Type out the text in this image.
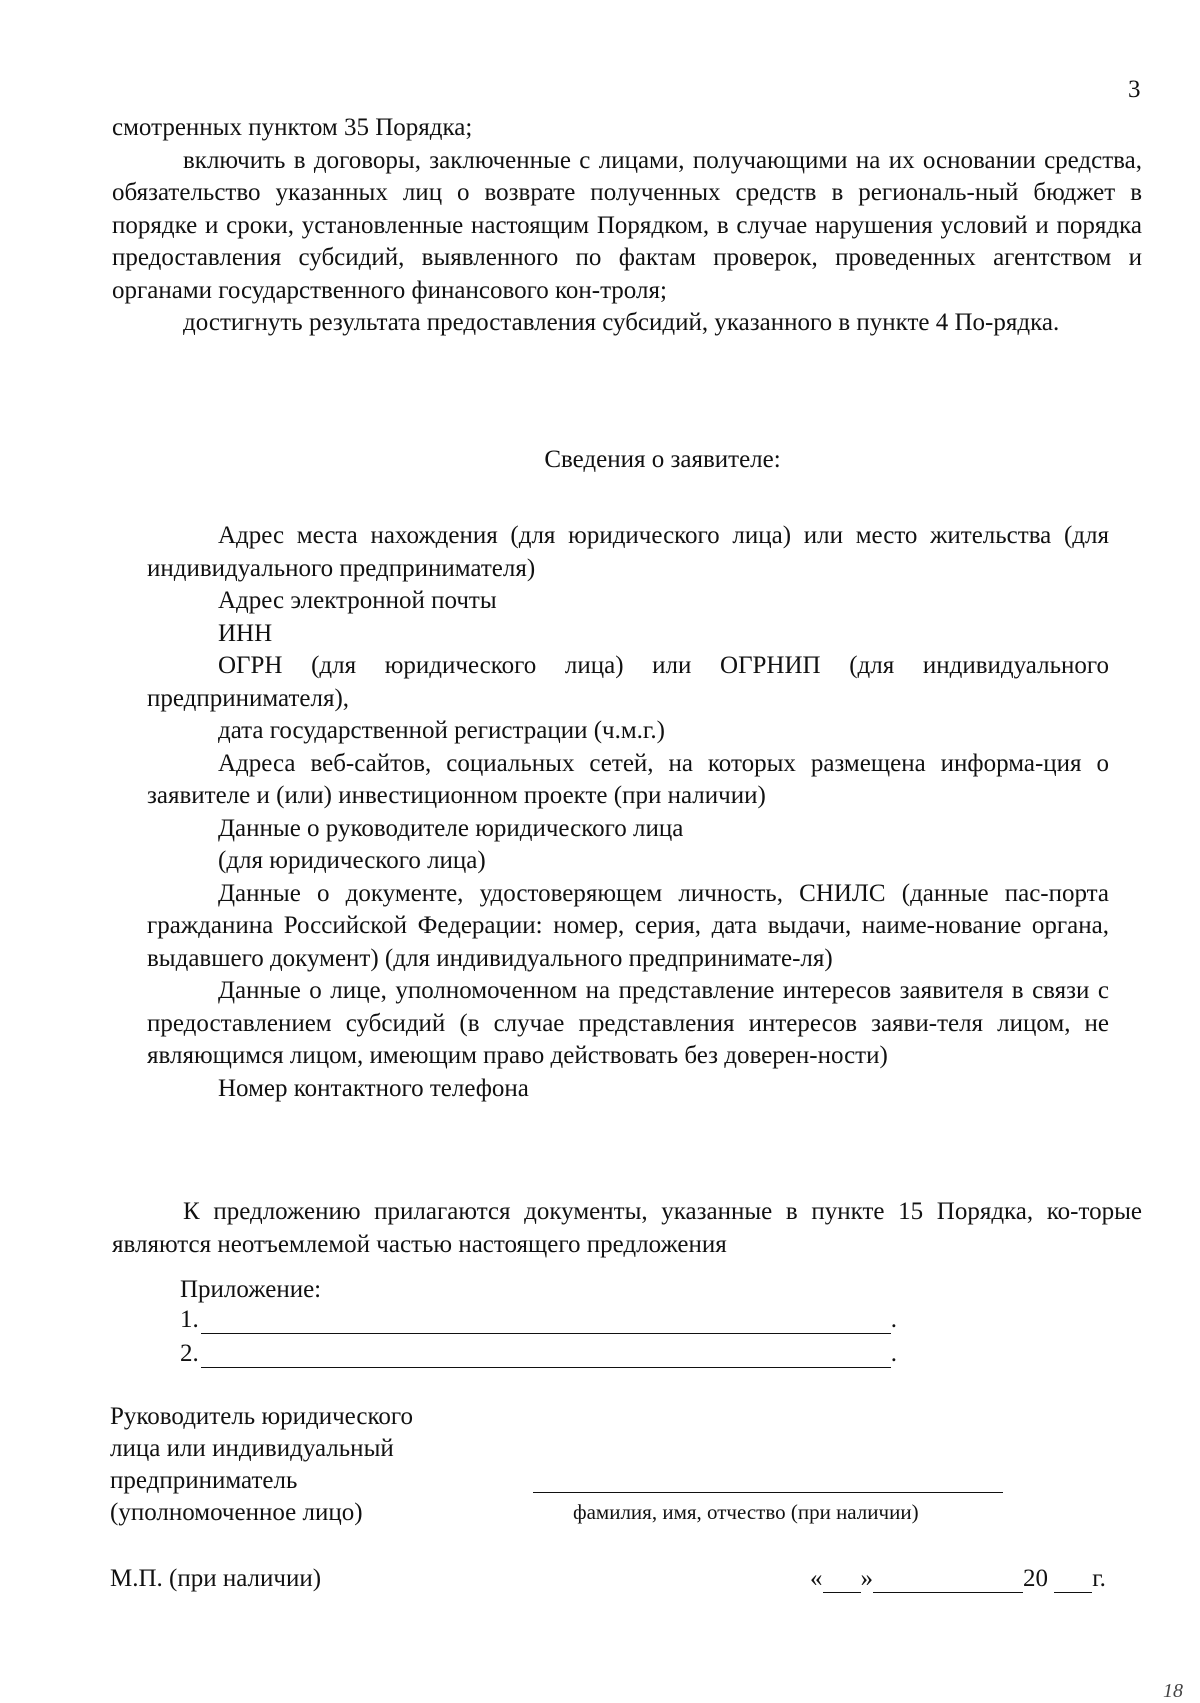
3

смотренных пунктом 35 Порядка;

включить в договоры, заключенные с лицами, получающими на их основании средства, обязательство указанных лиц о возврате полученных средств в региональ-ный бюджет в порядке и сроки, установленные настоящим Порядком, в случае нарушения условий и порядка предоставления субсидий, выявленного по фактам проверок, проведенных агентством и органами государственного финансового кон-троля;

достигнуть результата предоставления субсидий, указанного в пункте 4 По-рядка.

Сведения о заявителе:

Адрес места нахождения (для юридического лица) или место жительства (для индивидуального предпринимателя)

Адрес электронной почты

ИНН

ОГРН (для юридического лица) или ОГРНИП (для индивидуального предпринимателя),

дата государственной регистрации (ч.м.г.)

Адреса веб-сайтов, социальных сетей, на которых размещена информа-ция о заявителе и (или) инвестиционном проекте (при наличии)

Данные о руководителе юридического лица

(для юридического лица)

Данные о документе, удостоверяющем личность, СНИЛС (данные пас-порта гражданина Российской Федерации: номер, серия, дата выдачи, наиме-нование органа, выдавшего документ) (для индивидуального предпринимате-ля)

Данные о лице, уполномоченном на представление интересов заявителя в связи с предоставлением субсидий (в случае представления интересов заяви-теля лицом, не являющимся лицом, имеющим право действовать без доверен-ности)

Номер контактного телефона

К предложению прилагаются документы, указанные в пункте 15 Порядка, ко-торые являются неотъемлемой частью настоящего предложения

Приложение:
1.	.
2.	.

Руководитель юридического

лица или индивидуальный

предприниматель

(уполномоченное лицо)	фамилия, имя, отчество (при наличии)
М.П. (при наличии)	« »	20 г.
18
